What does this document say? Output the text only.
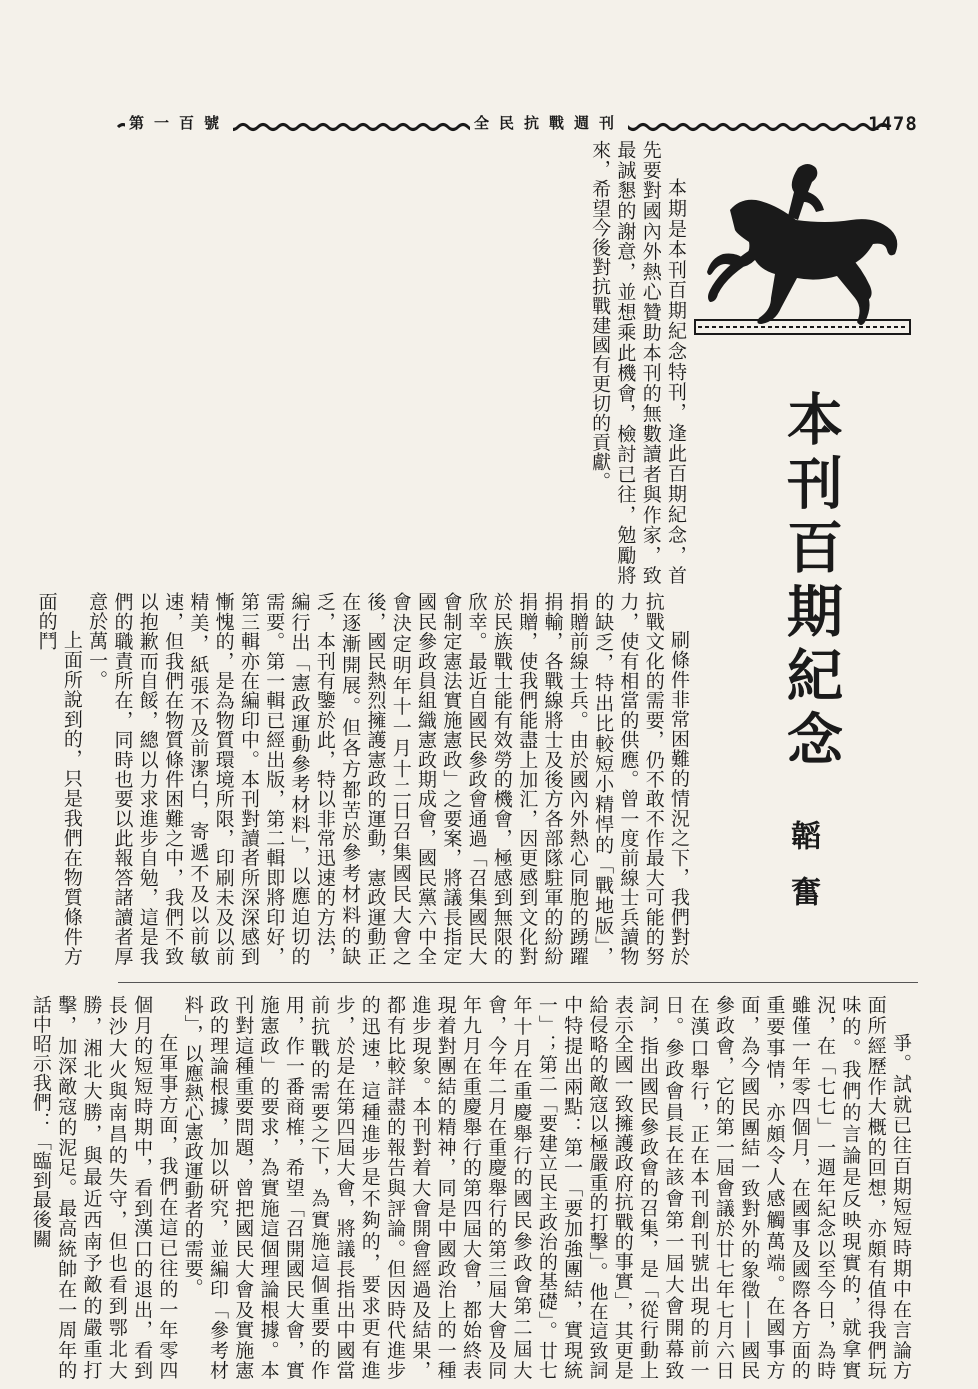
第一百號	全民抗戰週刊	1478
本刊百期紀念
韜奮

本期是本刊百期紀念特刊，逢此百期紀念，首先要對國內外熱心贊助本刊的無數讀者與作家，致最誠懇的謝意，並想乘此機會，檢討已往，勉勵將來，希望今後對抗戰建國有更切的貢獻。

刷條件非常困難的情況之下，我們對於抗戰文化的需要，仍不敢不作最大可能的努力，使有相當的供應。曾一度前線士兵讀物的缺乏，特出比較短小精悍的「戰地版」，捐贈前線士兵。由於國內外熱心同胞的踴躍捐輸，各戰線將士及後方各部隊駐軍的紛紛捐贈，使我們能盡上加汇，因更感到文化對於民族戰士能有效勞的機會，極感到無限的欣幸。最近自國民參政會通過「召集國民大會制定憲法實施憲政」之要案，將議長指定國民參政員組織憲政期成會，國民黨六中全會決定明年十一月十二日召集國民大會之後，國民熱烈擁護憲政的運動，憲政運動正在逐漸開展。但各方都苦於參考材料的缺乏，本刊有鑒於此，特以非常迅速的方法，編行出「憲政運動參考材料」，以應迫切的需要。第一輯已經出版，第二輯即將印好，第三輯亦在編印中。本刊對讀者所深深感到慚愧的，是為物質環境所限，印刷未及以前精美，紙張不及前潔白，寄遞不及以前敏速，但我們在物質條件困難之中，我們不致以抱歉而自餒，總以力求進步自勉，這是我們的職責所在，同時也要以此報答諸讀者厚意於萬一。

上面所說到的，只是我們在物質條件方面的鬥

爭。試就已往百期短短時期中在言論方面所經歷作大概的回想，亦頗有值得我們玩味的。我們的言論是反映現實的，就拿實況，在「七七」一週年紀念以至今日，為時雖僅一年零四個月，在國事及國際各方面的重要事情，亦頗令人感觸萬端。在國事方面，為今國民團結一致對外的象徵——國民參政會，它的第一屆會議於廿七年七月六日在漢口舉行，正在本刊創刊號出現的前一日。參政會員長在該會第一屆大會開幕致詞，指出國民參政會的召集，是「從行動上表示全國一致擁護政府抗戰的事實」，其更是給侵略的敵寇以極嚴重的打擊」。他在這致詞中特提出兩點：第一「要加強團結，實現統一」；第二「要建立民主政治的基礎」。廿七年十月在重慶舉行的國民參政會第二屆大會，今年二月在重慶舉行的第三屆大會及同年九月在重慶舉行的第四屆大會，都始終表現着對團結的精神，同是中國政治上的一種進步現象。本刊對着大會開會經過及結果，都有比較詳盡的報告與評論。但因時代進步的迅速，這種進步是不夠的，要求更有進步，於是在第四屆大會，將議長指出中國當前抗戰的需要之下，為實施這個重要的作用，作一番商榷，希望「召開國民大會，實施憲政」的要求，為實施這個理論根據。本刊對這種重要問題，曾把國民大會及實施憲政的理論根據，加以研究，並編印「參考材料」，以應熱心憲政運動者的需要。

在軍事方面，我們在這已往的一年零四個月的短短時期中，看到漢口的退出，看到長沙大火與南昌的失守，但也看到鄂北大勝，湘北大勝，與最近西南予敵的嚴重打擊，加深敵寇的泥足。最高統帥在一周年的話中昭示我們：「臨到最後關
